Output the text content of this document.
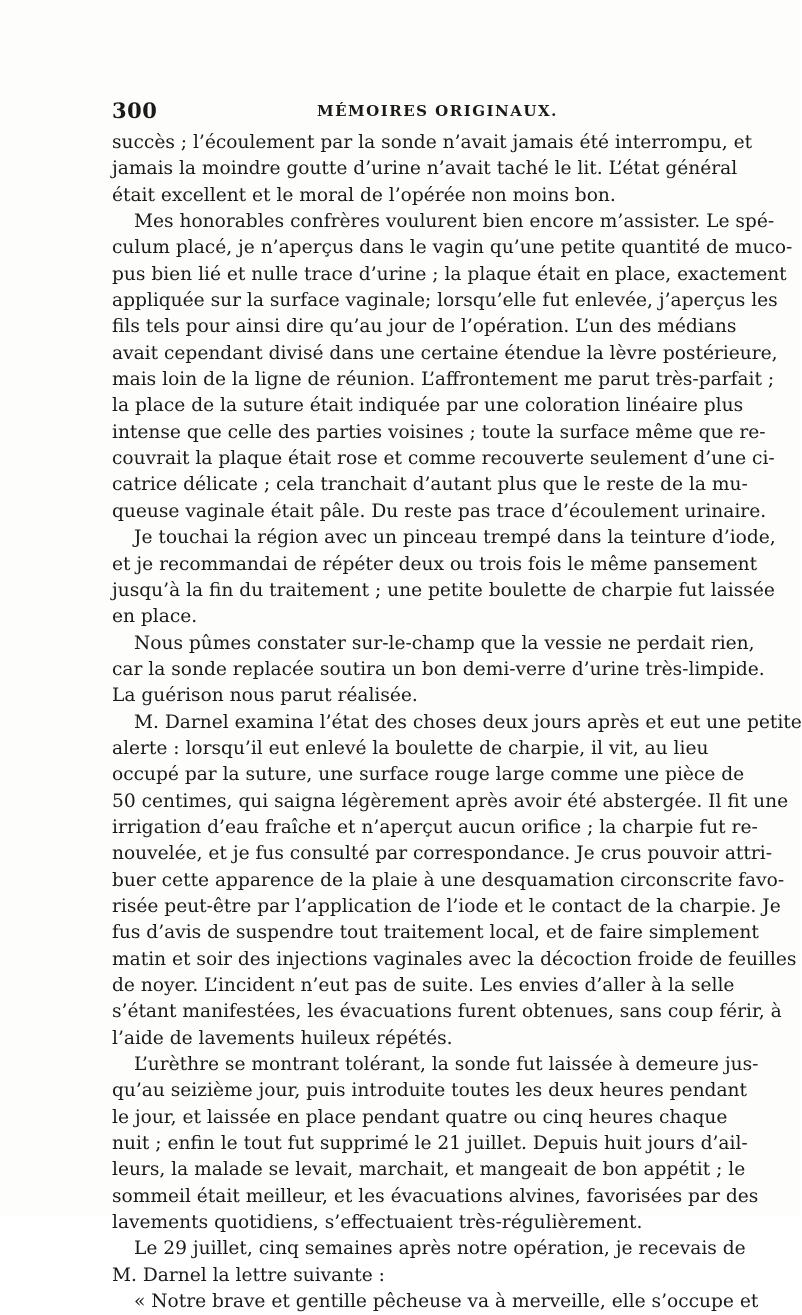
300	MÉMOIRES ORIGINAUX.
succès ; l’écoulement par la sonde n’avait jamais été interrompu, et
jamais la moindre goutte d’urine n’avait taché le lit. L’état général
était excellent et le moral de l’opérée non moins bon.
Mes honorables confrères voulurent bien encore m’assister. Le spé-
culum placé, je n’aperçus dans le vagin qu’une petite quantité de muco-
pus bien lié et nulle trace d’urine ; la plaque était en place, exactement
appliquée sur la surface vaginale; lorsqu’elle fut enlevée, j’aperçus les
fils tels pour ainsi dire qu’au jour de l’opération. L’un des médians
avait cependant divisé dans une certaine étendue la lèvre postérieure,
mais loin de la ligne de réunion. L’affrontement me parut très-parfait ;
la place de la suture était indiquée par une coloration linéaire plus
intense que celle des parties voisines ; toute la surface même que re-
couvrait la plaque était rose et comme recouverte seulement d’une ci-
catrice délicate ; cela tranchait d’autant plus que le reste de la mu-
queuse vaginale était pâle. Du reste pas trace d’écoulement urinaire.
Je touchai la région avec un pinceau trempé dans la teinture d’iode,
et je recommandai de répéter deux ou trois fois le même pansement
jusqu’à la fin du traitement ; une petite boulette de charpie fut laissée
en place.
Nous pûmes constater sur-le-champ que la vessie ne perdait rien,
car la sonde replacée soutira un bon demi-verre d’urine très-limpide.
La guérison nous parut réalisée.
M. Darnel examina l’état des choses deux jours après et eut une petite
alerte : lorsqu’il eut enlevé la boulette de charpie, il vit, au lieu
occupé par la suture, une surface rouge large comme une pièce de
50 centimes, qui saigna légèrement après avoir été abstergée. Il fit une
irrigation d’eau fraîche et n’aperçut aucun orifice ; la charpie fut re-
nouvelée, et je fus consulté par correspondance. Je crus pouvoir attri-
buer cette apparence de la plaie à une desquamation circonscrite favo-
risée peut-être par l’application de l’iode et le contact de la charpie. Je
fus d’avis de suspendre tout traitement local, et de faire simplement
matin et soir des injections vaginales avec la décoction froide de feuilles
de noyer. L’incident n’eut pas de suite. Les envies d’aller à la selle
s’étant manifestées, les évacuations furent obtenues, sans coup férir, à
l’aide de lavements huileux répétés.
L’urèthre se montrant tolérant, la sonde fut laissée à demeure jus-
qu’au seizième jour, puis introduite toutes les deux heures pendant
le jour, et laissée en place pendant quatre ou cinq heures chaque
nuit ; enfin le tout fut supprimé le 21 juillet. Depuis huit jours d’ail-
leurs, la malade se levait, marchait, et mangeait de bon appétit ; le
sommeil était meilleur, et les évacuations alvines, favorisées par des
lavements quotidiens, s’effectuaient très-régulièrement.
Le 29 juillet, cinq semaines après notre opération, je recevais de
M. Darnel la lettre suivante :
« Notre brave et gentille pêcheuse va à merveille, elle s’occupe et
